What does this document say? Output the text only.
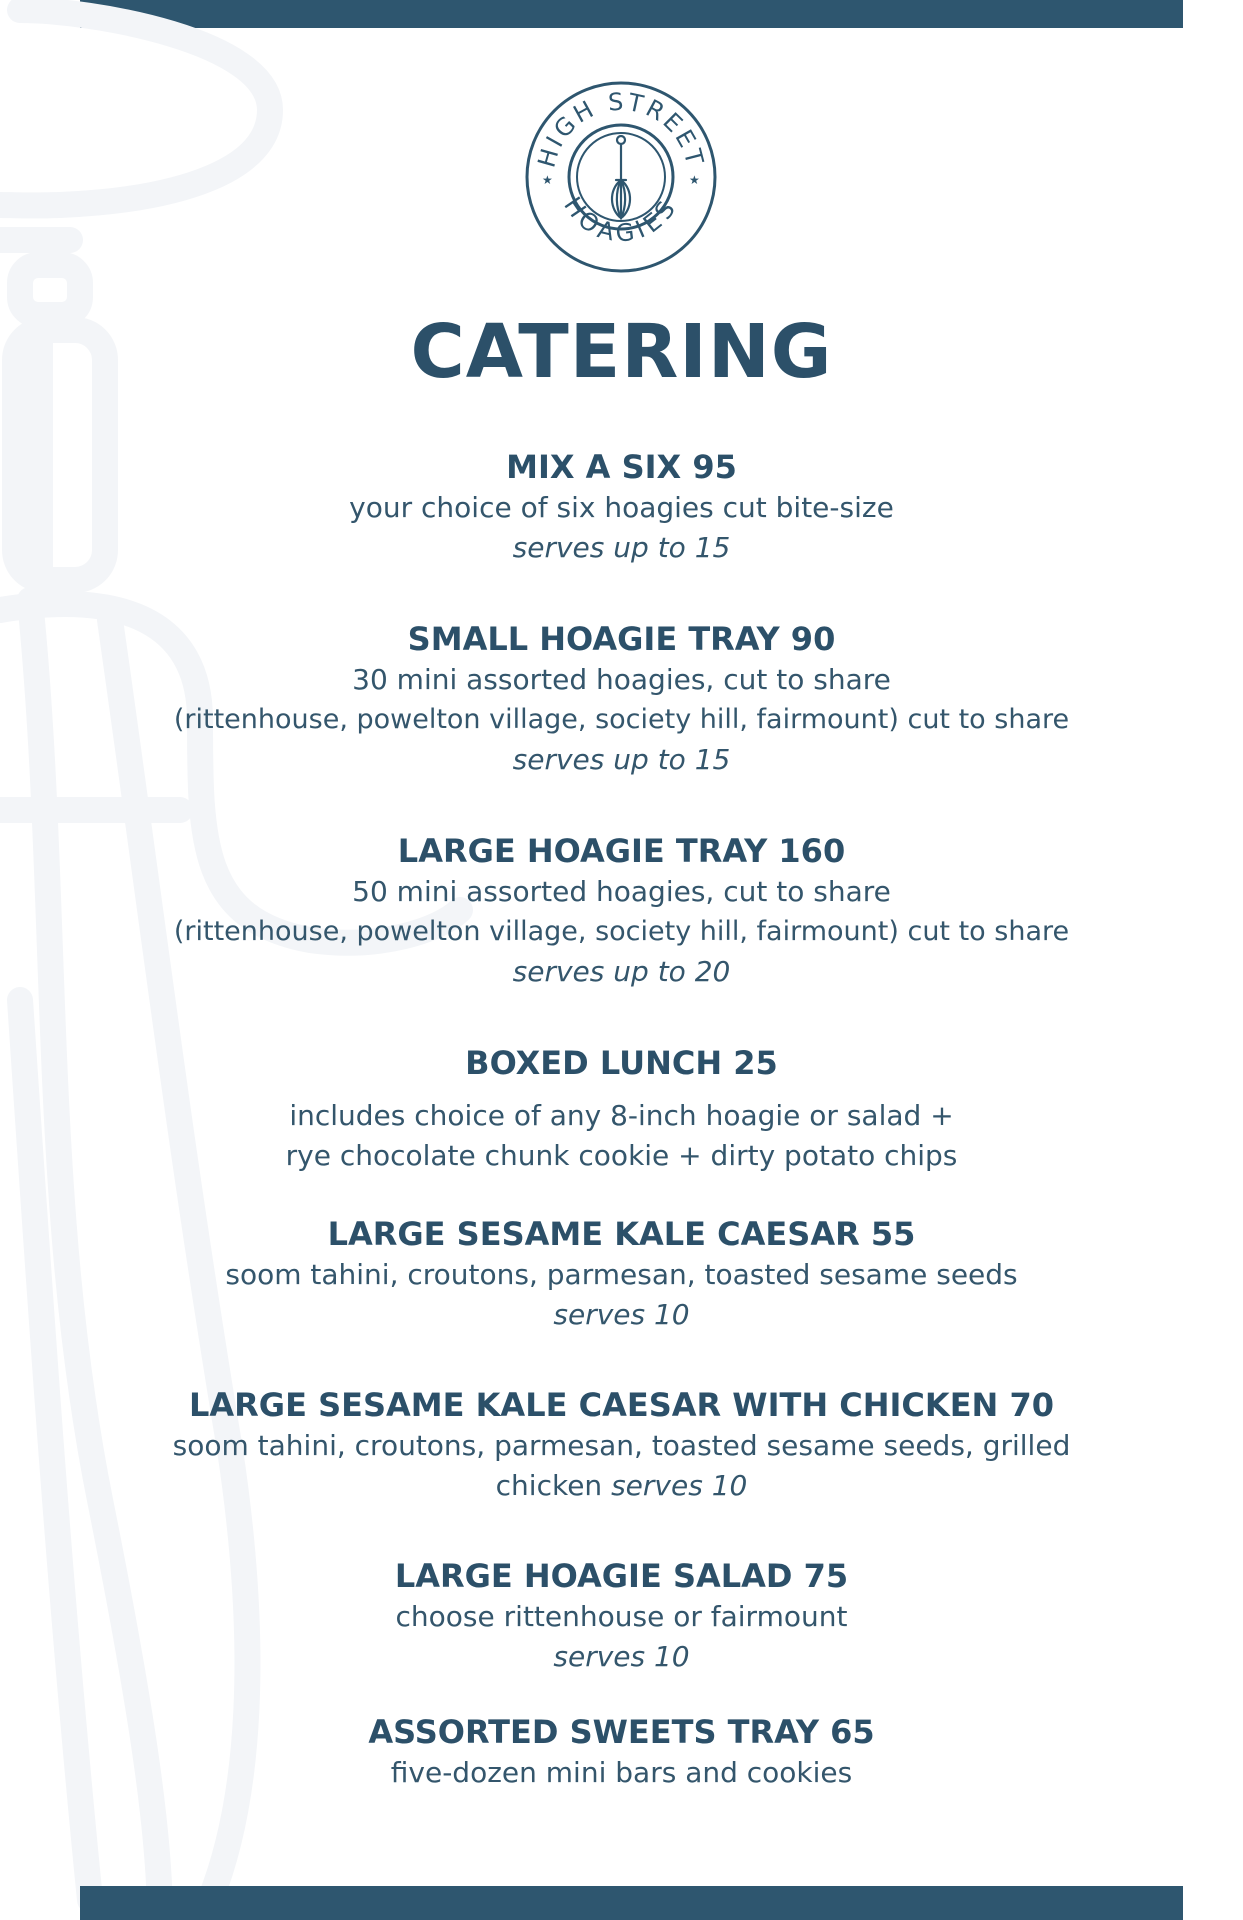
HIGH STREET
HOAGIES
★	★
CATERING
MIX A SIX 95
your choice of six hoagies cut bite-size
serves up to 15
SMALL HOAGIE TRAY 90
30 mini assorted hoagies, cut to share
(rittenhouse, powelton village, society hill, fairmount) cut to share
serves up to 15
LARGE HOAGIE TRAY 160
50 mini assorted hoagies, cut to share
(rittenhouse, powelton village, society hill, fairmount) cut to share
serves up to 20
BOXED LUNCH 25
includes choice of any 8-inch hoagie or salad +
rye chocolate chunk cookie + dirty potato chips
LARGE SESAME KALE CAESAR 55
soom tahini, croutons, parmesan, toasted sesame seeds
serves 10
LARGE SESAME KALE CAESAR WITH CHICKEN 70
soom tahini, croutons, parmesan, toasted sesame seeds, grilled
chicken serves 10
LARGE HOAGIE SALAD 75
choose rittenhouse or fairmount
serves 10
ASSORTED SWEETS TRAY 65
five-dozen mini bars and cookies
